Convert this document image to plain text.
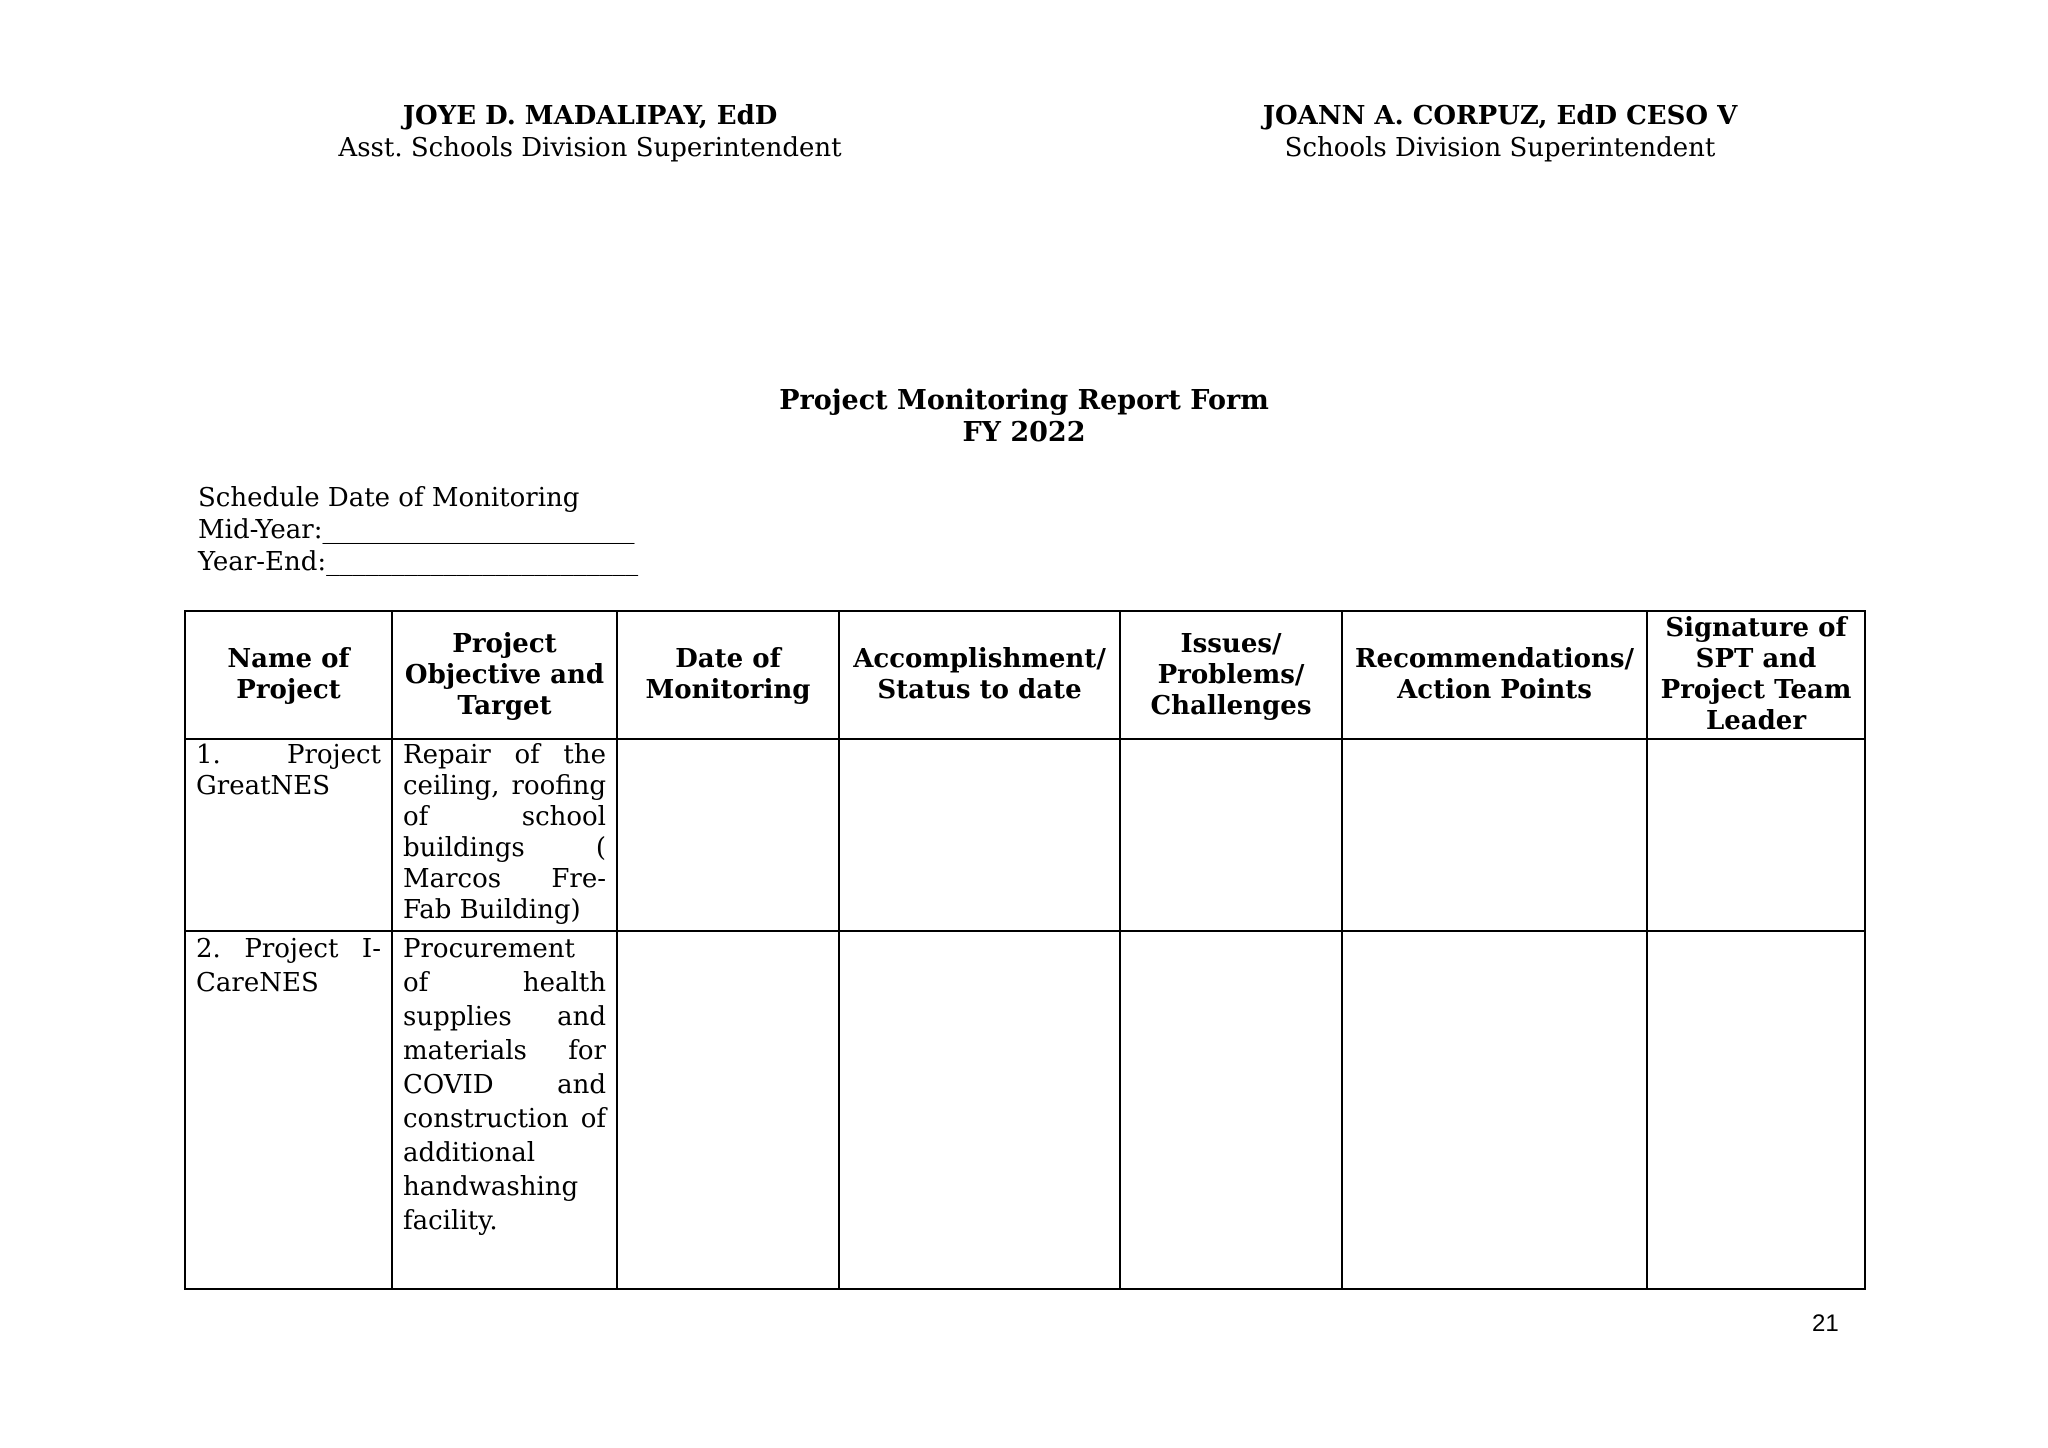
JOYE D. MADALIPAY, EdD
Asst. Schools Division Superintendent
JOANN A. CORPUZ, EdD CESO V
Schools Division Superintendent
Project Monitoring Report Form
FY 2022
Schedule Date of Monitoring
Mid-Year:________________________
Year-End:________________________
Name of Project	Project Objective and Target	Date of Monitoring	Accomplishment/ Status to date	Issues/ Problems/ Challenges	Recommendations/ Action Points	Signature of SPT and Project Team Leader
1. Project GreatNES	Repair of the ceiling, roofing of school buildings ( Marcos Fre-Fab Building)					
2. Project I-CareNES	Procurement of health supplies and materials for COVID and construction of additional handwashing facility.					
21
